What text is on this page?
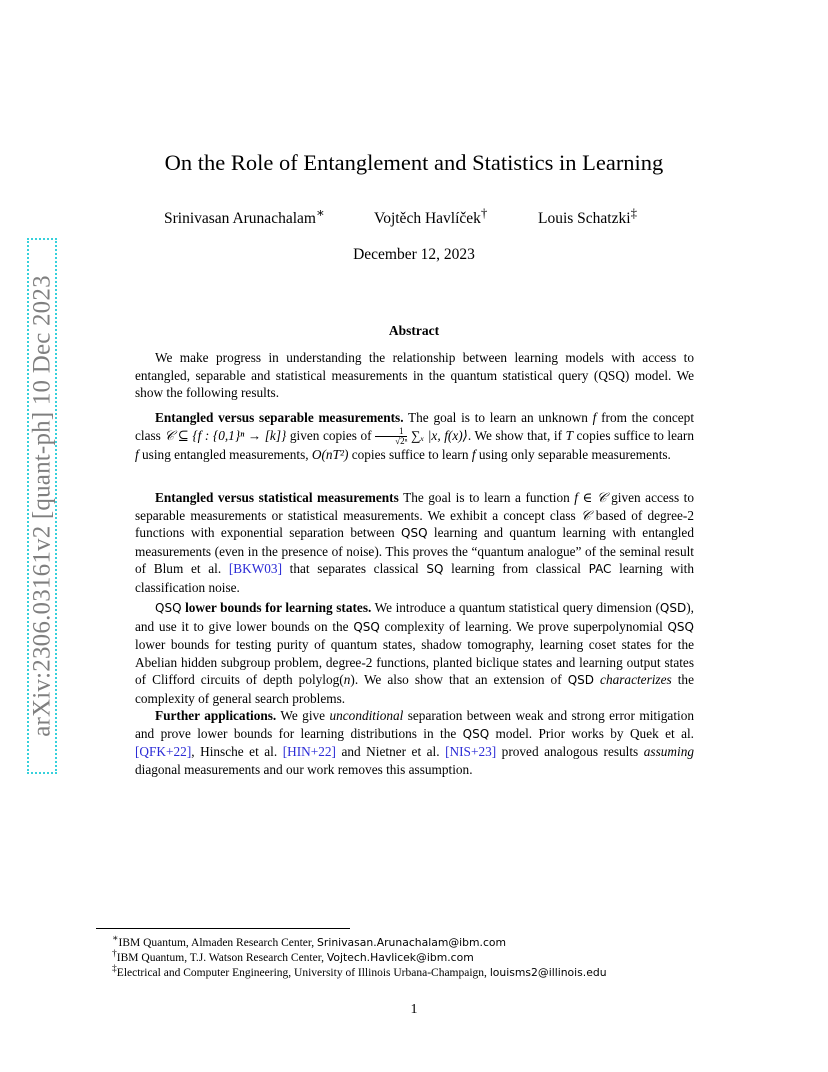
arXiv:2306.03161v2 [quant-ph] 10 Dec 2023
On the Role of Entanglement and Statistics in Learning
Srinivasan Arunachalam∗	Vojtěch Havlíček†	Louis Schatzki‡
December 12, 2023
Abstract

We make progress in understanding the relationship between learning models with access to entangled, separable and statistical measurements in the quantum statistical query (QSQ) model. We show the following results.

Entangled versus separable measurements. The goal is to learn an unknown f from the concept class 𝒞 ⊆ {f : {0,1}ⁿ → [k]} given copies of $\frac{1}{\text{√2ⁿ}} \sum_x$ |x, f(x)⟩. We show that, if T copies suffice to learn f using entangled measurements, O(nT²) copies suffice to learn f using only separable measurements.

Entangled versus statistical measurements The goal is to learn a function f ∈ 𝒞 given access to separable measurements or statistical measurements. We exhibit a concept class 𝒞 based of degree-2 functions with exponential separation between QSQ learning and quantum learning with entangled measurements (even in the presence of noise). This proves the “quantum analogue” of the seminal result of Blum et al. [BKW03] that separates classical SQ learning from classical PAC learning with classification noise.

QSQ lower bounds for learning states. We introduce a quantum statistical query dimension (QSD), and use it to give lower bounds on the QSQ complexity of learning. We prove superpolynomial QSQ lower bounds for testing purity of quantum states, shadow tomography, learning coset states for the Abelian hidden subgroup problem, degree-2 functions, planted biclique states and learning output states of Clifford circuits of depth polylog(n). We also show that an extension of QSD characterizes the complexity of general search problems.

Further applications. We give unconditional separation between weak and strong error mitigation and prove lower bounds for learning distributions in the QSQ model. Prior works by Quek et al. [QFK+22], Hinsche et al. [HIN+22] and Nietner et al. [NIS+23] proved analogous results assuming diagonal measurements and our work removes this assumption.

∗IBM Quantum, Almaden Research Center, Srinivasan.Arunachalam@ibm.com
†IBM Quantum, T.J. Watson Research Center, Vojtech.Havlicek@ibm.com
‡Electrical and Computer Engineering, University of Illinois Urbana-Champaign, louisms2@illinois.edu
1
